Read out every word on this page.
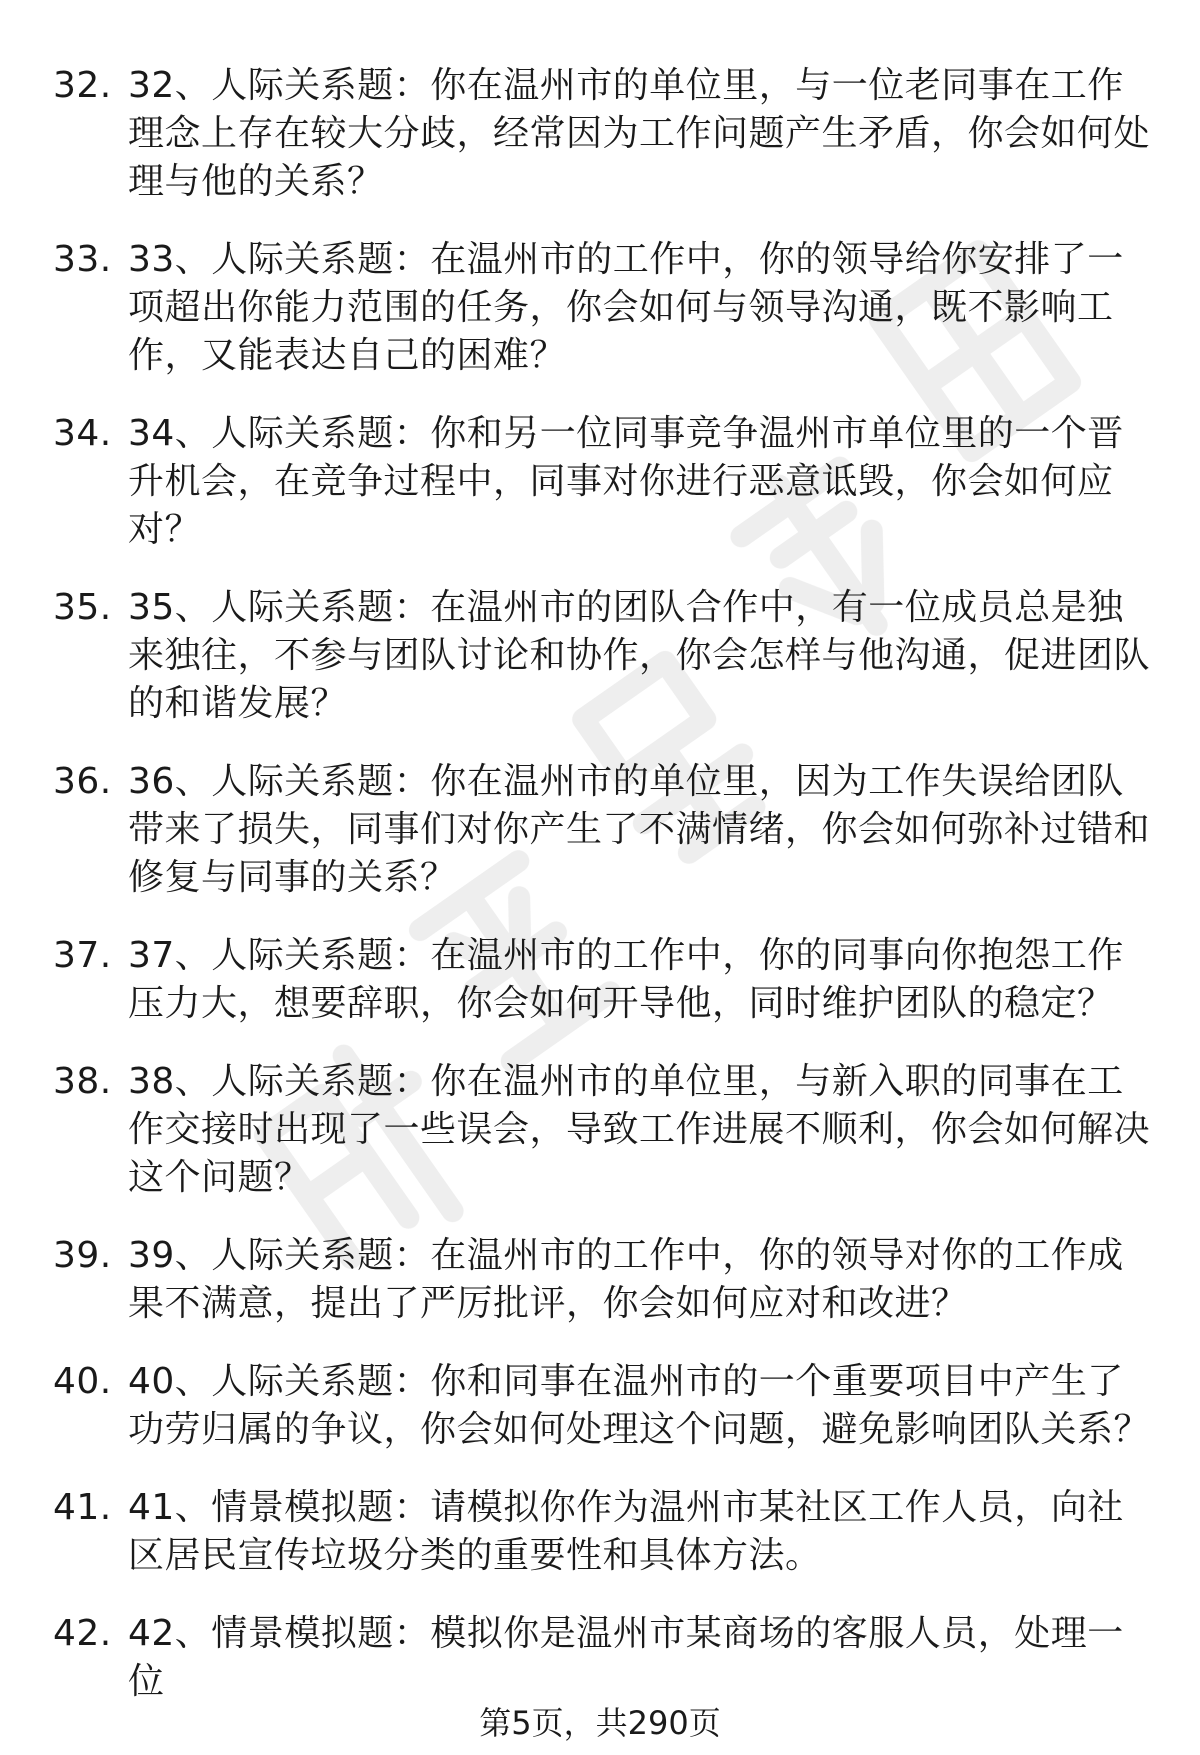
32. 32、人际关系题：你在温州市的单位里，与一位老同事在工作理念上存在较大分歧，经常因为工作问题产生矛盾，你会如何处理与他的关系？
33. 33、人际关系题：在温州市的工作中，你的领导给你安排了一项超出你能力范围的任务，你会如何与领导沟通，既不影响工作，又能表达自己的困难？
34. 34、人际关系题：你和另一位同事竞争温州市单位里的一个晋升机会，在竞争过程中，同事对你进行恶意诋毁，你会如何应对？
35. 35、人际关系题：在温州市的团队合作中，有一位成员总是独来独往，不参与团队讨论和协作，你会怎样与他沟通，促进团队的和谐发展？
36. 36、人际关系题：你在温州市的单位里，因为工作失误给团队带来了损失，同事们对你产生了不满情绪，你会如何弥补过错和修复与同事的关系？
37. 37、人际关系题：在温州市的工作中，你的同事向你抱怨工作压力大，想要辞职，你会如何开导他，同时维护团队的稳定？
38. 38、人际关系题：你在温州市的单位里，与新入职的同事在工作交接时出现了一些误会，导致工作进展不顺利，你会如何解决这个问题？
39. 39、人际关系题：在温州市的工作中，你的领导对你的工作成果不满意，提出了严厉批评，你会如何应对和改进？
40. 40、人际关系题：你和同事在温州市的一个重要项目中产生了功劳归属的争议，你会如何处理这个问题，避免影响团队关系？
41. 41、情景模拟题：请模拟你作为温州市某社区工作人员，向社区居民宣传垃圾分类的重要性和具体方法。
42. 42、情景模拟题：模拟你是温州市某商场的客服人员，处理一位
第5页，共290页
